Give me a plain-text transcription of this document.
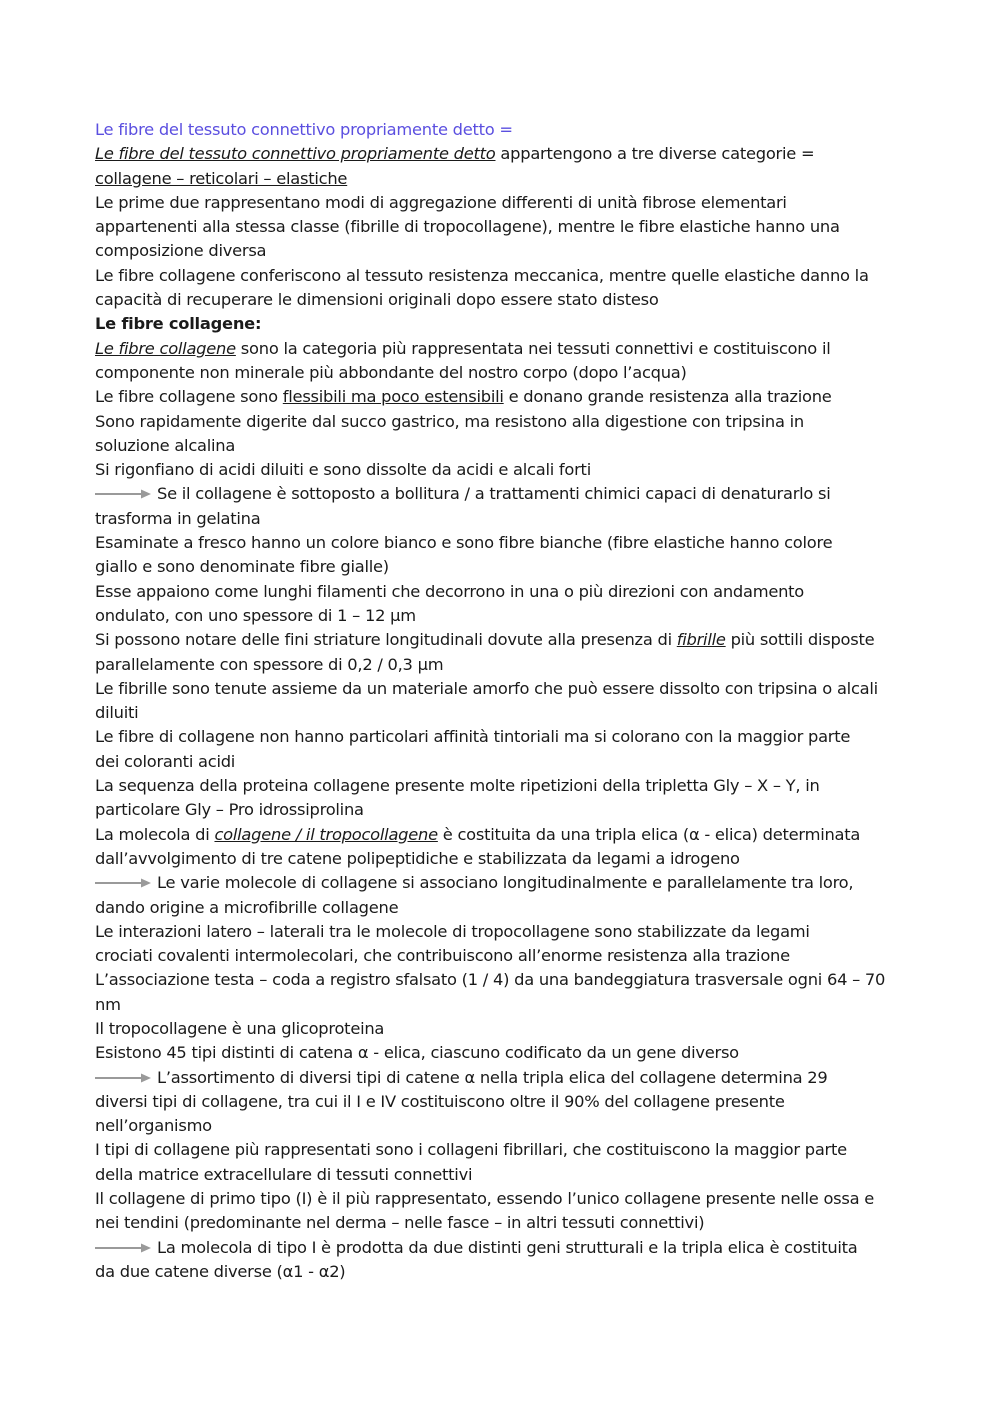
Le fibre del tessuto connettivo propriamente detto =
Le fibre del tessuto connettivo propriamente detto appartengono a tre diverse categorie =
collagene – reticolari – elastiche
Le prime due rappresentano modi di aggregazione differenti di unità fibrose elementari
appartenenti alla stessa classe (fibrille di tropocollagene), mentre le fibre elastiche hanno una
composizione diversa
Le fibre collagene conferiscono al tessuto resistenza meccanica, mentre quelle elastiche danno la
capacità di recuperare le dimensioni originali dopo essere stato disteso
Le fibre collagene:
Le fibre collagene sono la categoria più rappresentata nei tessuti connettivi e costituiscono il
componente non minerale più abbondante del nostro corpo (dopo l’acqua)
Le fibre collagene sono flessibili ma poco estensibili e donano grande resistenza alla trazione
Sono rapidamente digerite dal succo gastrico, ma resistono alla digestione con tripsina in
soluzione alcalina
Si rigonfiano di acidi diluiti e sono dissolte da acidi e alcali forti
Se il collagene è sottoposto a bollitura / a trattamenti chimici capaci di denaturarlo si
trasforma in gelatina
Esaminate a fresco hanno un colore bianco e sono fibre bianche (fibre elastiche hanno colore
giallo e sono denominate fibre gialle)
Esse appaiono come lunghi filamenti che decorrono in una o più direzioni con andamento
ondulato, con uno spessore di 1 – 12 μm
Si possono notare delle fini striature longitudinali dovute alla presenza di fibrille più sottili disposte
parallelamente con spessore di 0,2 / 0,3 μm
Le fibrille sono tenute assieme da un materiale amorfo che può essere dissolto con tripsina o alcali
diluiti
Le fibre di collagene non hanno particolari affinità tintoriali ma si colorano con la maggior parte
dei coloranti acidi
La sequenza della proteina collagene presente molte ripetizioni della tripletta Gly – X – Y, in
particolare Gly – Pro idrossiprolina
La molecola di collagene / il tropocollagene è costituita da una tripla elica (α - elica) determinata
dall’avvolgimento di tre catene polipeptidiche e stabilizzata da legami a idrogeno
Le varie molecole di collagene si associano longitudinalmente e parallelamente tra loro,
dando origine a microfibrille collagene
Le interazioni latero – laterali tra le molecole di tropocollagene sono stabilizzate da legami
crociati covalenti intermolecolari, che contribuiscono all’enorme resistenza alla trazione
L’associazione testa – coda a registro sfalsato (1 / 4) da una bandeggiatura trasversale ogni 64 – 70
nm
Il tropocollagene è una glicoproteina
Esistono 45 tipi distinti di catena α - elica, ciascuno codificato da un gene diverso
L’assortimento di diversi tipi di catene α nella tripla elica del collagene determina 29
diversi tipi di collagene, tra cui il I e IV costituiscono oltre il 90% del collagene presente
nell’organismo
I tipi di collagene più rappresentati sono i collageni fibrillari, che costituiscono la maggior parte
della matrice extracellulare di tessuti connettivi
Il collagene di primo tipo (I) è il più rappresentato, essendo l’unico collagene presente nelle ossa e
nei tendini (predominante nel derma – nelle fasce – in altri tessuti connettivi)
La molecola di tipo I è prodotta da due distinti geni strutturali e la tripla elica è costituita
da due catene diverse (α1 - α2)
